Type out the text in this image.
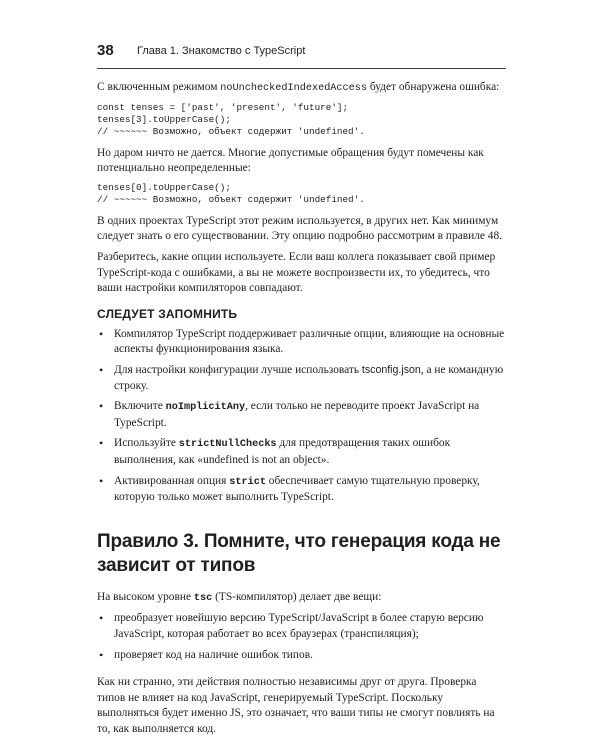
38 Глава 1. Знакомство с TypeScript

С включенным режимом noUncheckedIndexedAccess будет обнаружена ошибка:

const tenses = ['past', 'present', 'future'];
tenses[3].toUpperCase();
// ~~~~~~ Возможно, объект содержит 'undefined'.

Но даром ничто не дается. Многие допустимые обращения будут помечены как потенциально неопределенные:

tenses[0].toUpperCase();
// ~~~~~~ Возможно, объект содержит 'undefined'.

В одних проектах TypeScript этот режим используется, в других нет. Как минимум следует знать о его существовании. Эту опцию подробно рассмотрим в правиле 48.

Разберитесь, какие опции используете. Если ваш коллега показывает свой пример TypeScript-кода с ошибками, а вы не можете воспроизвести их, то убедитесь, что ваши настройки компиляторов совпадают.

СЛЕДУЕТ ЗАПОМНИТЬ
• Компилятор TypeScript поддерживает различные опции, влияющие на основные аспекты функционирования языка.
• Для настройки конфигурации лучше использовать tsconfig.json, а не командную строку.
• Включите noImplicitAny, если только не переводите проект JavaScript на TypeScript.
• Используйте strictNullChecks для предотвращения таких ошибок выполнения, как «undefined is not an object».
• Активированная опция strict обеспечивает самую тщательную проверку, которую только может выполнить TypeScript.
Правило 3. Помните, что генерация кода не зависит от типов

На высоком уровне tsc (TS-компилятор) делает две вещи:

• преобразует новейшую версию TypeScript/JavaScript в более старую версию JavaScript, которая работает во всех браузерах (транспиляция);
• проверяет код на наличие ошибок типов.

Как ни странно, эти действия полностью независимы друг от друга. Проверка типов не влияет на код JavaScript, генерируемый TypeScript. Поскольку выполняться будет именно JS, это означает, что ваши типы не смогут повлиять на то, как выполняется код.
